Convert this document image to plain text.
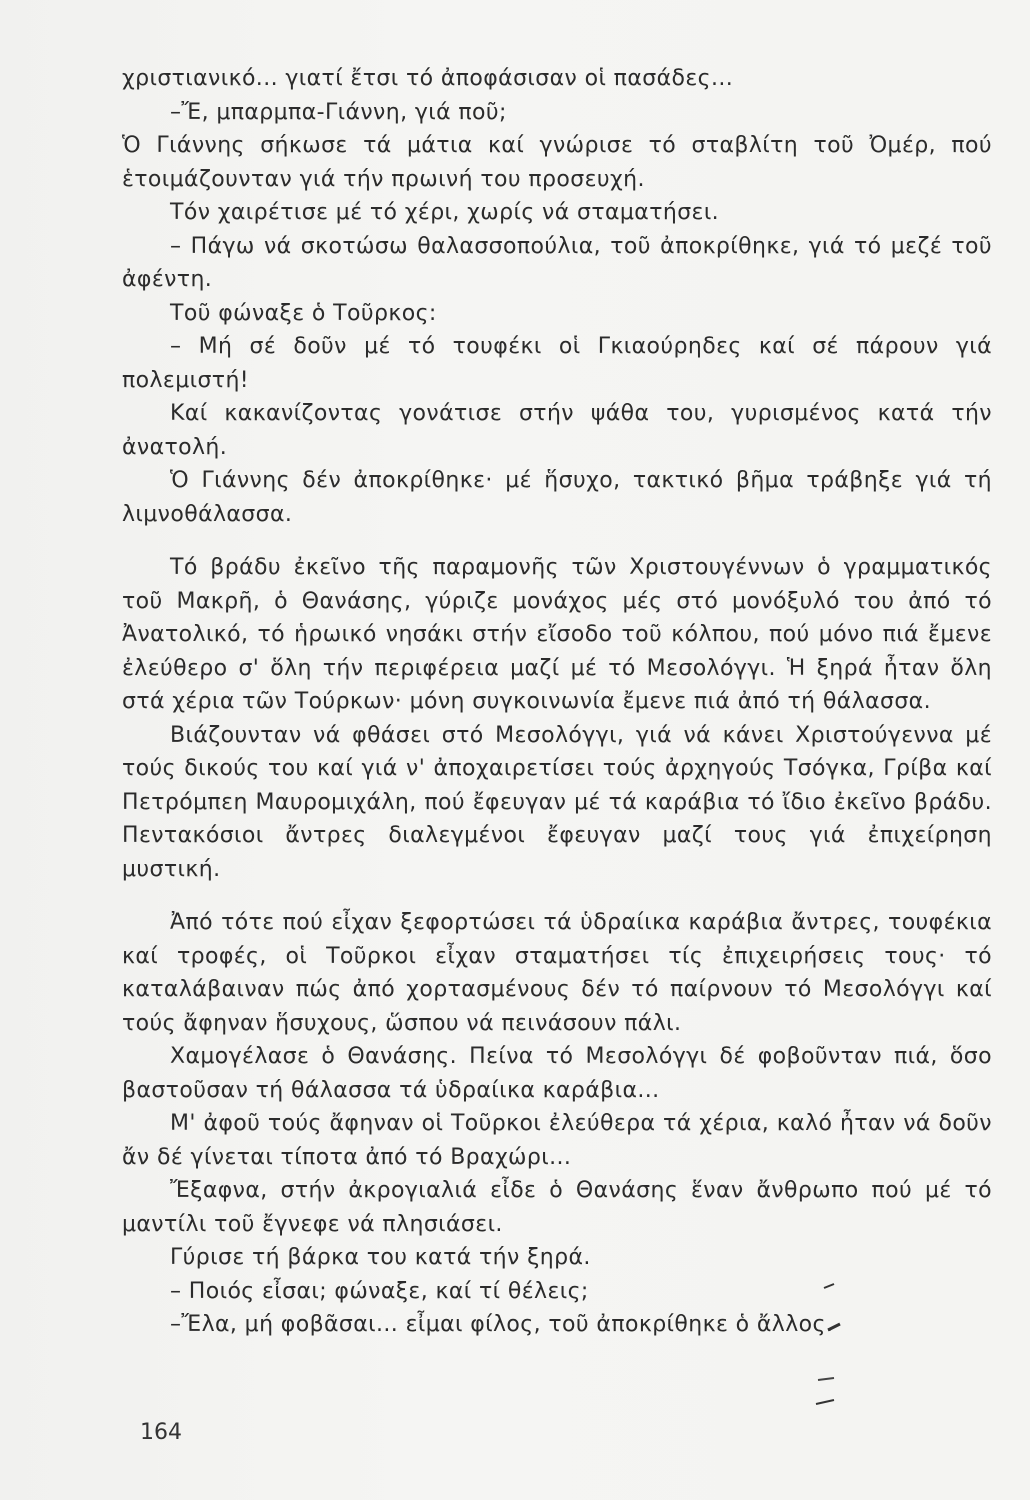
χριστιανικό... γιατί ἔτσι τό ἀποφάσισαν οἱ πασάδες...

–Ἔ, μπαρμπα-Γιάννη, γιά ποῦ;

Ὁ Γιάννης σήκωσε τά μάτια καί γνώρισε τό σταβλίτη τοῦ Ὀμέρ, πού ἑτοιμάζουνταν γιά τήν πρωινή του προσευχή.

Τόν χαιρέτισε μέ τό χέρι, χωρίς νά σταματήσει.

– Πάγω νά σκοτώσω θαλασσοπούλια, τοῦ ἀποκρίθηκε, γιά τό μεζέ τοῦ ἀφέντη.

Τοῦ φώναξε ὁ Τοῦρκος:

– Μή σέ δοῦν μέ τό τουφέκι οἱ Γκιαούρηδες καί σέ πάρουν γιά πολεμιστή!

Καί κακανίζοντας γονάτισε στήν ψάθα του, γυρισμένος κατά τήν ἀνατολή.

Ὁ Γιάννης δέν ἀποκρίθηκε· μέ ἥσυχο, τακτικό βῆμα τράβηξε γιά τή λιμνοθάλασσα.

Τό βράδυ ἐκεῖνο τῆς παραμονῆς τῶν Χριστουγέννων ὁ γραμματικός τοῦ Μακρῆ, ὁ Θανάσης, γύριζε μονάχος μές στό μονόξυλό του ἀπό τό Ἀνατολικό, τό ἡρωικό νησάκι στήν εἴσοδο τοῦ κόλπου, πού μόνο πιά ἔμενε ἐλεύθερο σ' ὅλη τήν περιφέρεια μαζί μέ τό Μεσολόγγι. Ἡ ξηρά ἦταν ὅλη στά χέρια τῶν Τούρκων· μόνη συγκοινωνία ἔμενε πιά ἀπό τή θάλασσα.

Βιάζουνταν νά φθάσει στό Μεσολόγγι, γιά νά κάνει Χριστούγεννα μέ τούς δικούς του καί γιά ν' ἀποχαιρετίσει τούς ἀρχηγούς Τσόγκα, Γρίβα καί Πετρόμπεη Μαυρομιχάλη, πού ἔφευγαν μέ τά καράβια τό ἴδιο ἐκεῖνο βράδυ. Πεντακόσιοι ἄντρες διαλεγμένοι ἔφευγαν μαζί τους γιά ἐπιχείρηση μυστική.

Ἀπό τότε πού εἶχαν ξεφορτώσει τά ὑδραίικα καράβια ἄντρες, τουφέκια καί τροφές, οἱ Τοῦρκοι εἶχαν σταματήσει τίς ἐπιχειρήσεις τους· τό καταλάβαιναν πώς ἀπό χορτασμένους δέν τό παίρνουν τό Μεσολόγγι καί τούς ἄφηναν ἥσυχους, ὥσπου νά πεινάσουν πάλι.

Χαμογέλασε ὁ Θανάσης. Πείνα τό Μεσολόγγι δέ φοβοῦνταν πιά, ὅσο βαστοῦσαν τή θάλασσα τά ὑδραίικα καράβια...

Μ' ἀφοῦ τούς ἄφηναν οἱ Τοῦρκοι ἐλεύθερα τά χέρια, καλό ἦταν νά δοῦν ἄν δέ γίνεται τίποτα ἀπό τό Βραχώρι...

Ἔξαφνα, στήν ἀκρογιαλιά εἶδε ὁ Θανάσης ἕναν ἄνθρωπο πού μέ τό μαντίλι τοῦ ἔγνεφε νά πλησιάσει.

Γύρισε τή βάρκα του κατά τήν ξηρά.

– Ποιός εἶσαι; φώναξε, καί τί θέλεις;

–Ἔλα, μή φοβᾶσαι... εἶμαι φίλος, τοῦ ἀποκρίθηκε ὁ ἄλλος.

164
